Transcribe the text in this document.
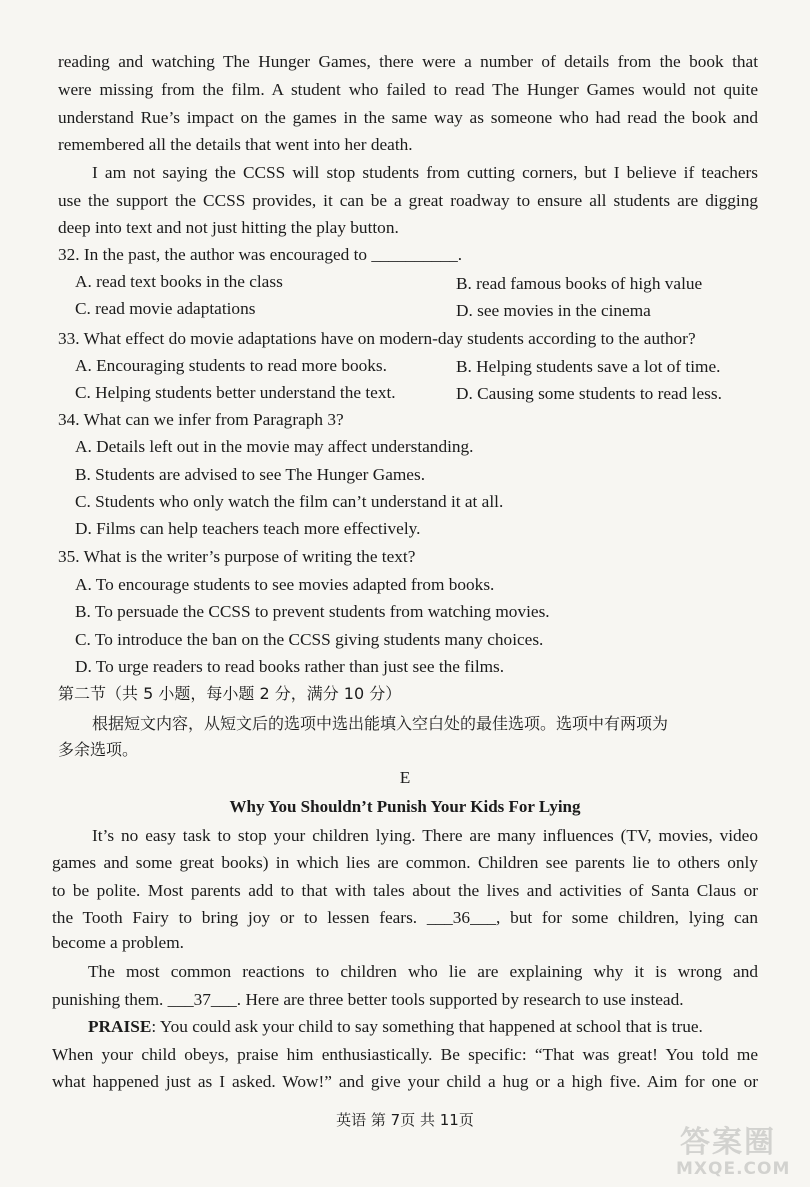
reading and watching The Hunger Games, there were a number of details from the book that
were missing from the film. A student who failed to read The Hunger Games would not quite
understand Rue’s impact on the games in the same way as someone who had read the book and
remembered all the details that went into her death.
I am not saying the CCSS will stop students from cutting corners, but I believe if teachers
use the support the CCSS provides, it can be a great roadway to ensure all students are digging
deep into text and not just hitting the play button.
32. In the past, the author was encouraged to __________.
A. read text books in the class	B. read famous books of high value
C. read movie adaptations	D. see movies in the cinema
33. What effect do movie adaptations have on modern-day students according to the author?
A. Encouraging students to read more books.	B. Helping students save a lot of time.
C. Helping students better understand the text.	D. Causing some students to read less.
34. What can we infer from Paragraph 3?
A. Details left out in the movie may affect understanding.
B. Students are advised to see The Hunger Games.
C. Students who only watch the film can’t understand it at all.
D. Films can help teachers teach more effectively.
35. What is the writer’s purpose of writing the text?
A. To encourage students to see movies adapted from books.
B. To persuade the CCSS to prevent students from watching movies.
C. To introduce the ban on the CCSS giving students many choices.
D. To urge readers to read books rather than just see the films.
第二节（共 5 小题，每小题 2 分，满分 10 分）
根据短文内容，从短文后的选项中选出能填入空白处的最佳选项。选项中有两项为
多余选项。
E
Why You Shouldn’t Punish Your Kids For Lying
It’s no easy task to stop your children lying. There are many influences (TV, movies, video
games and some great books) in which lies are common. Children see parents lie to others only
to be polite. Most parents add to that with tales about the lives and activities of Santa Claus or
the Tooth Fairy to bring joy or to lessen fears. ___36___, but for some children, lying can
become a problem.
The most common reactions to children who lie are explaining why it is wrong and
punishing them. ___37___. Here are three better tools supported by research to use instead.
PRAISE: You could ask your child to say something that happened at school that is true.
When your child obeys, praise him enthusiastically. Be specific: “That was great! You told me
what happened just as I asked. Wow!” and give your child a hug or a high five. Aim for one or
英语 第 7页 共 11页
答案圈
MXQE.COM
